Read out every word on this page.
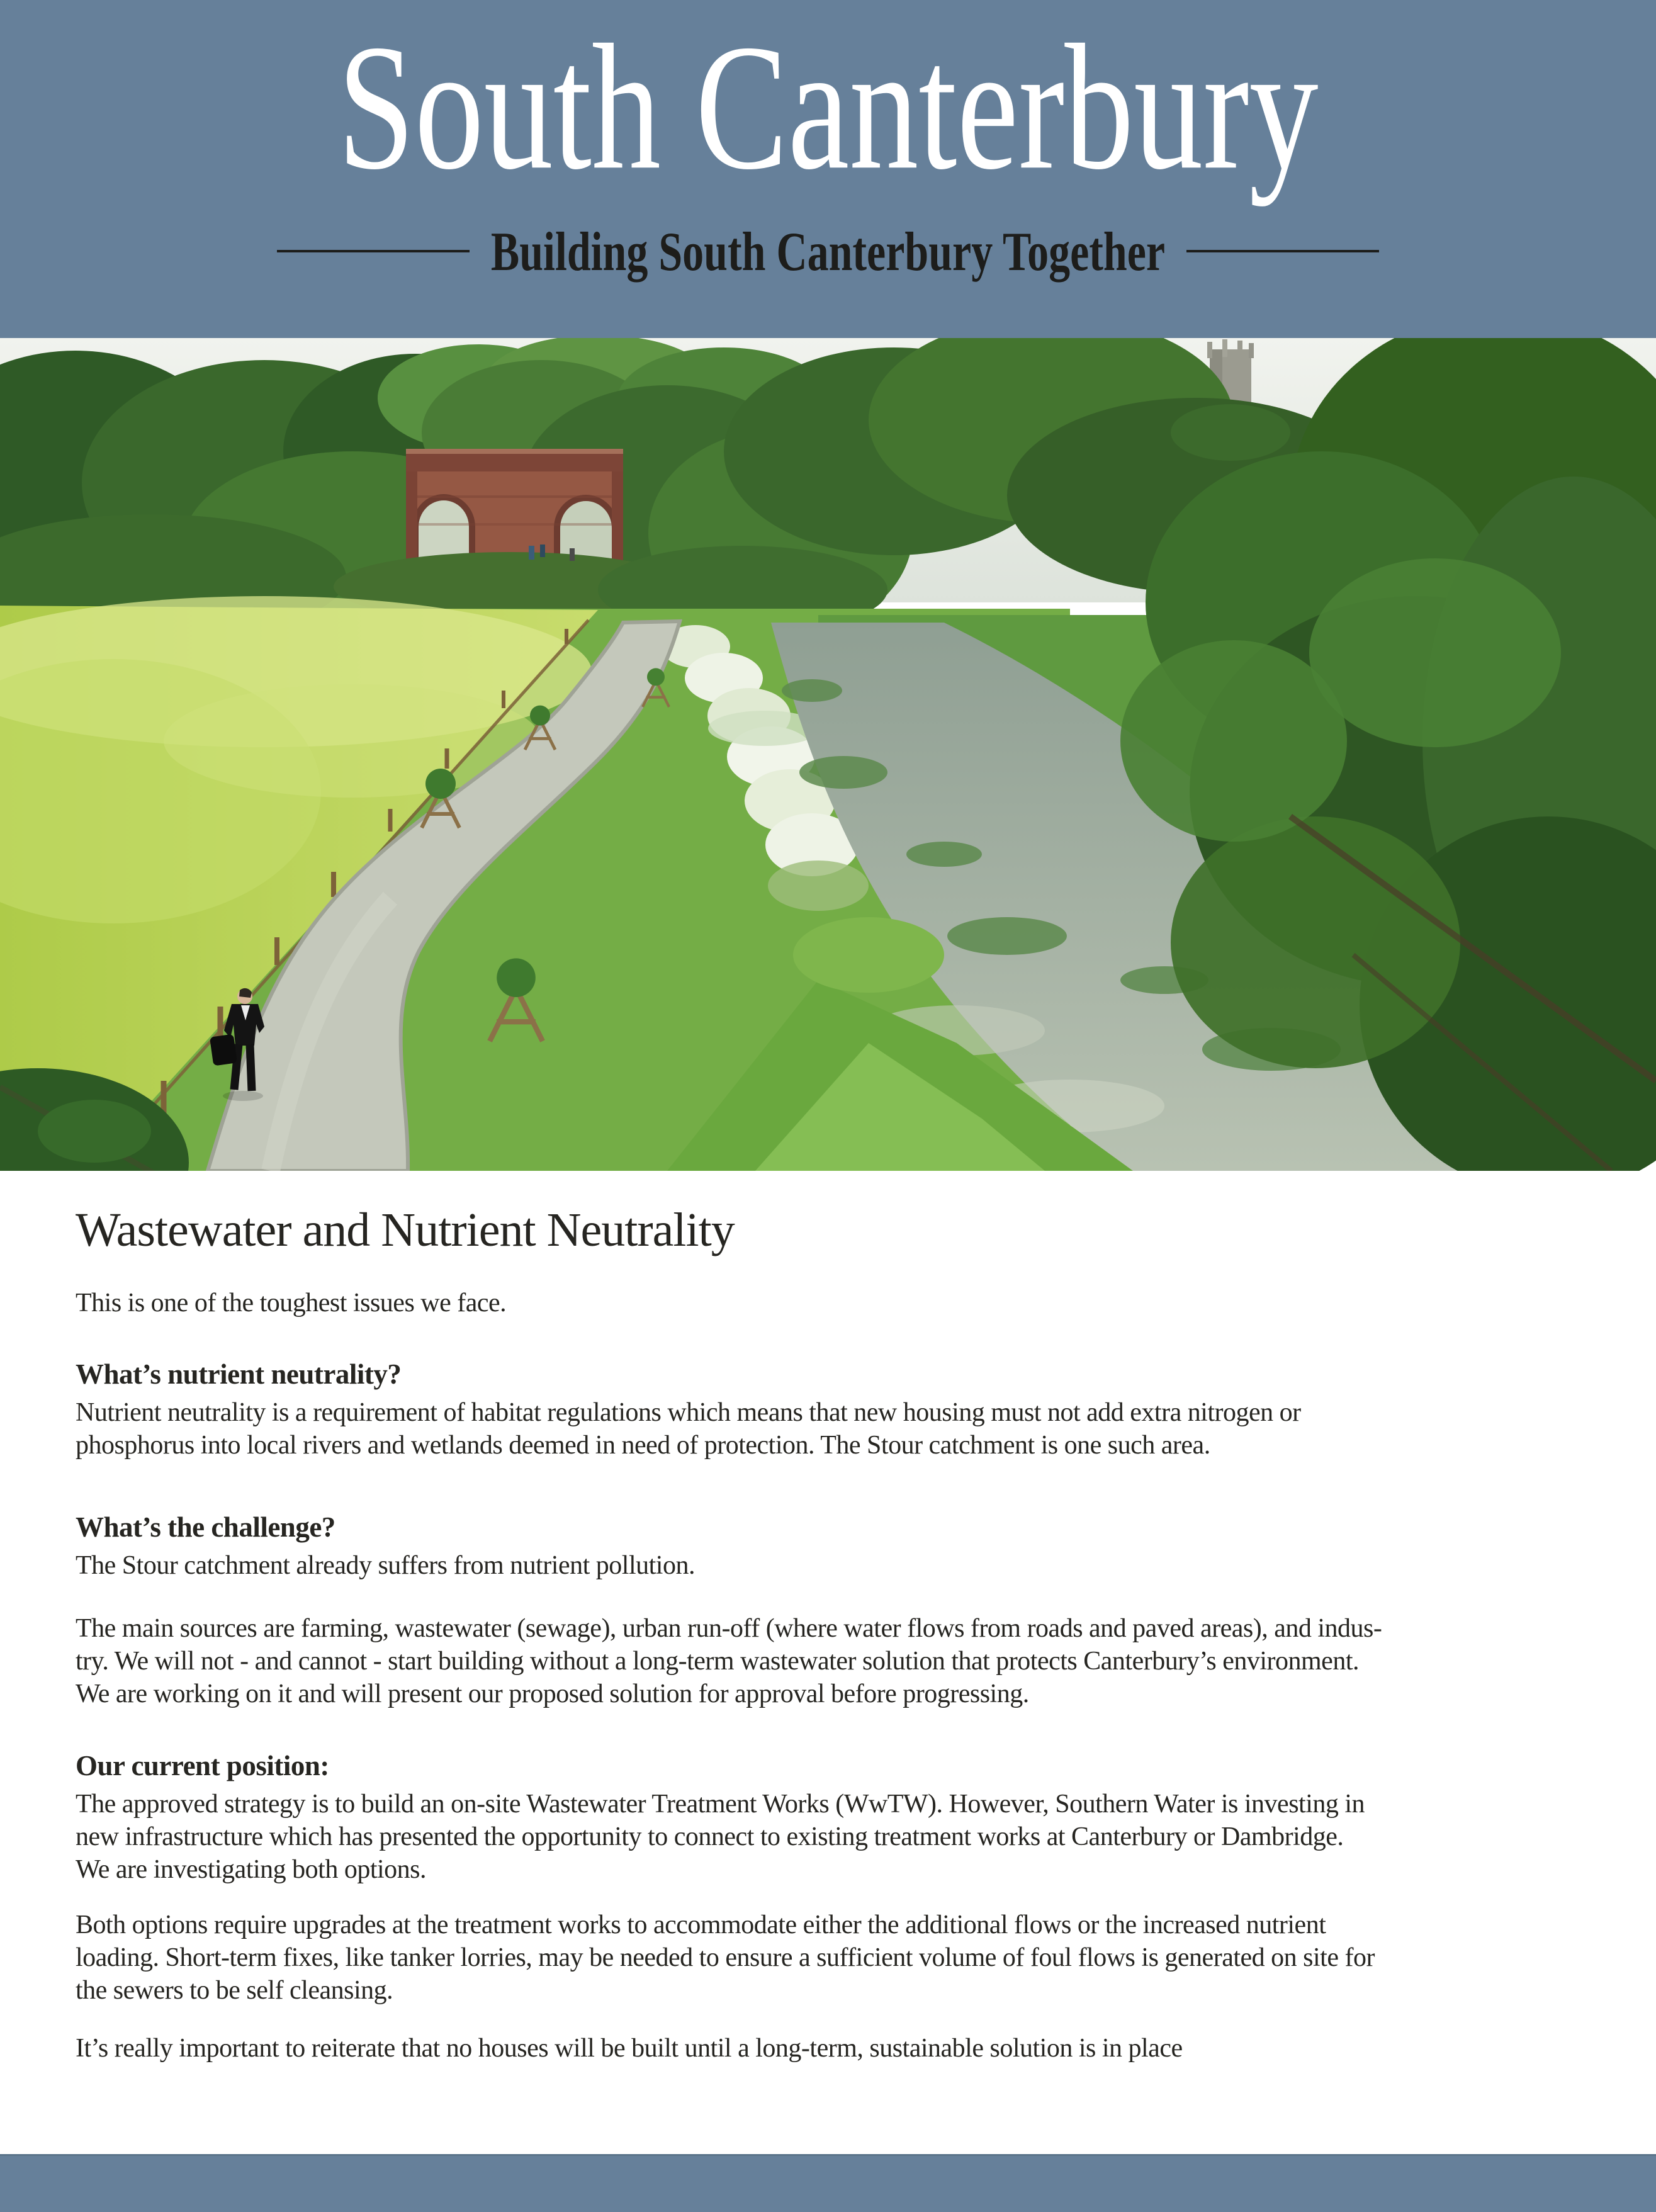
South Canterbury
Building South Canterbury Together
Wastewater and Nutrient Neutrality
This is one of the toughest issues we face.
What’s nutrient neutrality?
Nutrient neutrality is a requirement of habitat regulations which means that new housing must not add extra nitrogen or
phosphorus into local rivers and wetlands deemed in need of protection. The Stour catchment is one such area.
What’s the challenge?
The Stour catchment already suffers from nutrient pollution.
The main sources are farming, wastewater (sewage), urban run-off (where water flows from roads and paved areas), and indus-
try. We will not - and cannot - start building without a long-term wastewater solution that protects Canterbury’s environment.
We are working on it and will present our proposed solution for approval before progressing.
Our current position:
The approved strategy is to build an on-site Wastewater Treatment Works (WwTW). However, Southern Water is investing in
new infrastructure which has presented the opportunity to connect to existing treatment works at Canterbury or Dambridge.
We are investigating both options.
Both options require upgrades at the treatment works to accommodate either the additional flows or the increased nutrient
loading. Short-term fixes, like tanker lorries, may be needed to ensure a sufficient volume of foul flows is generated on site for
the sewers to be self cleansing.
It’s really important to reiterate that no houses will be built until a long-term, sustainable solution is in place
